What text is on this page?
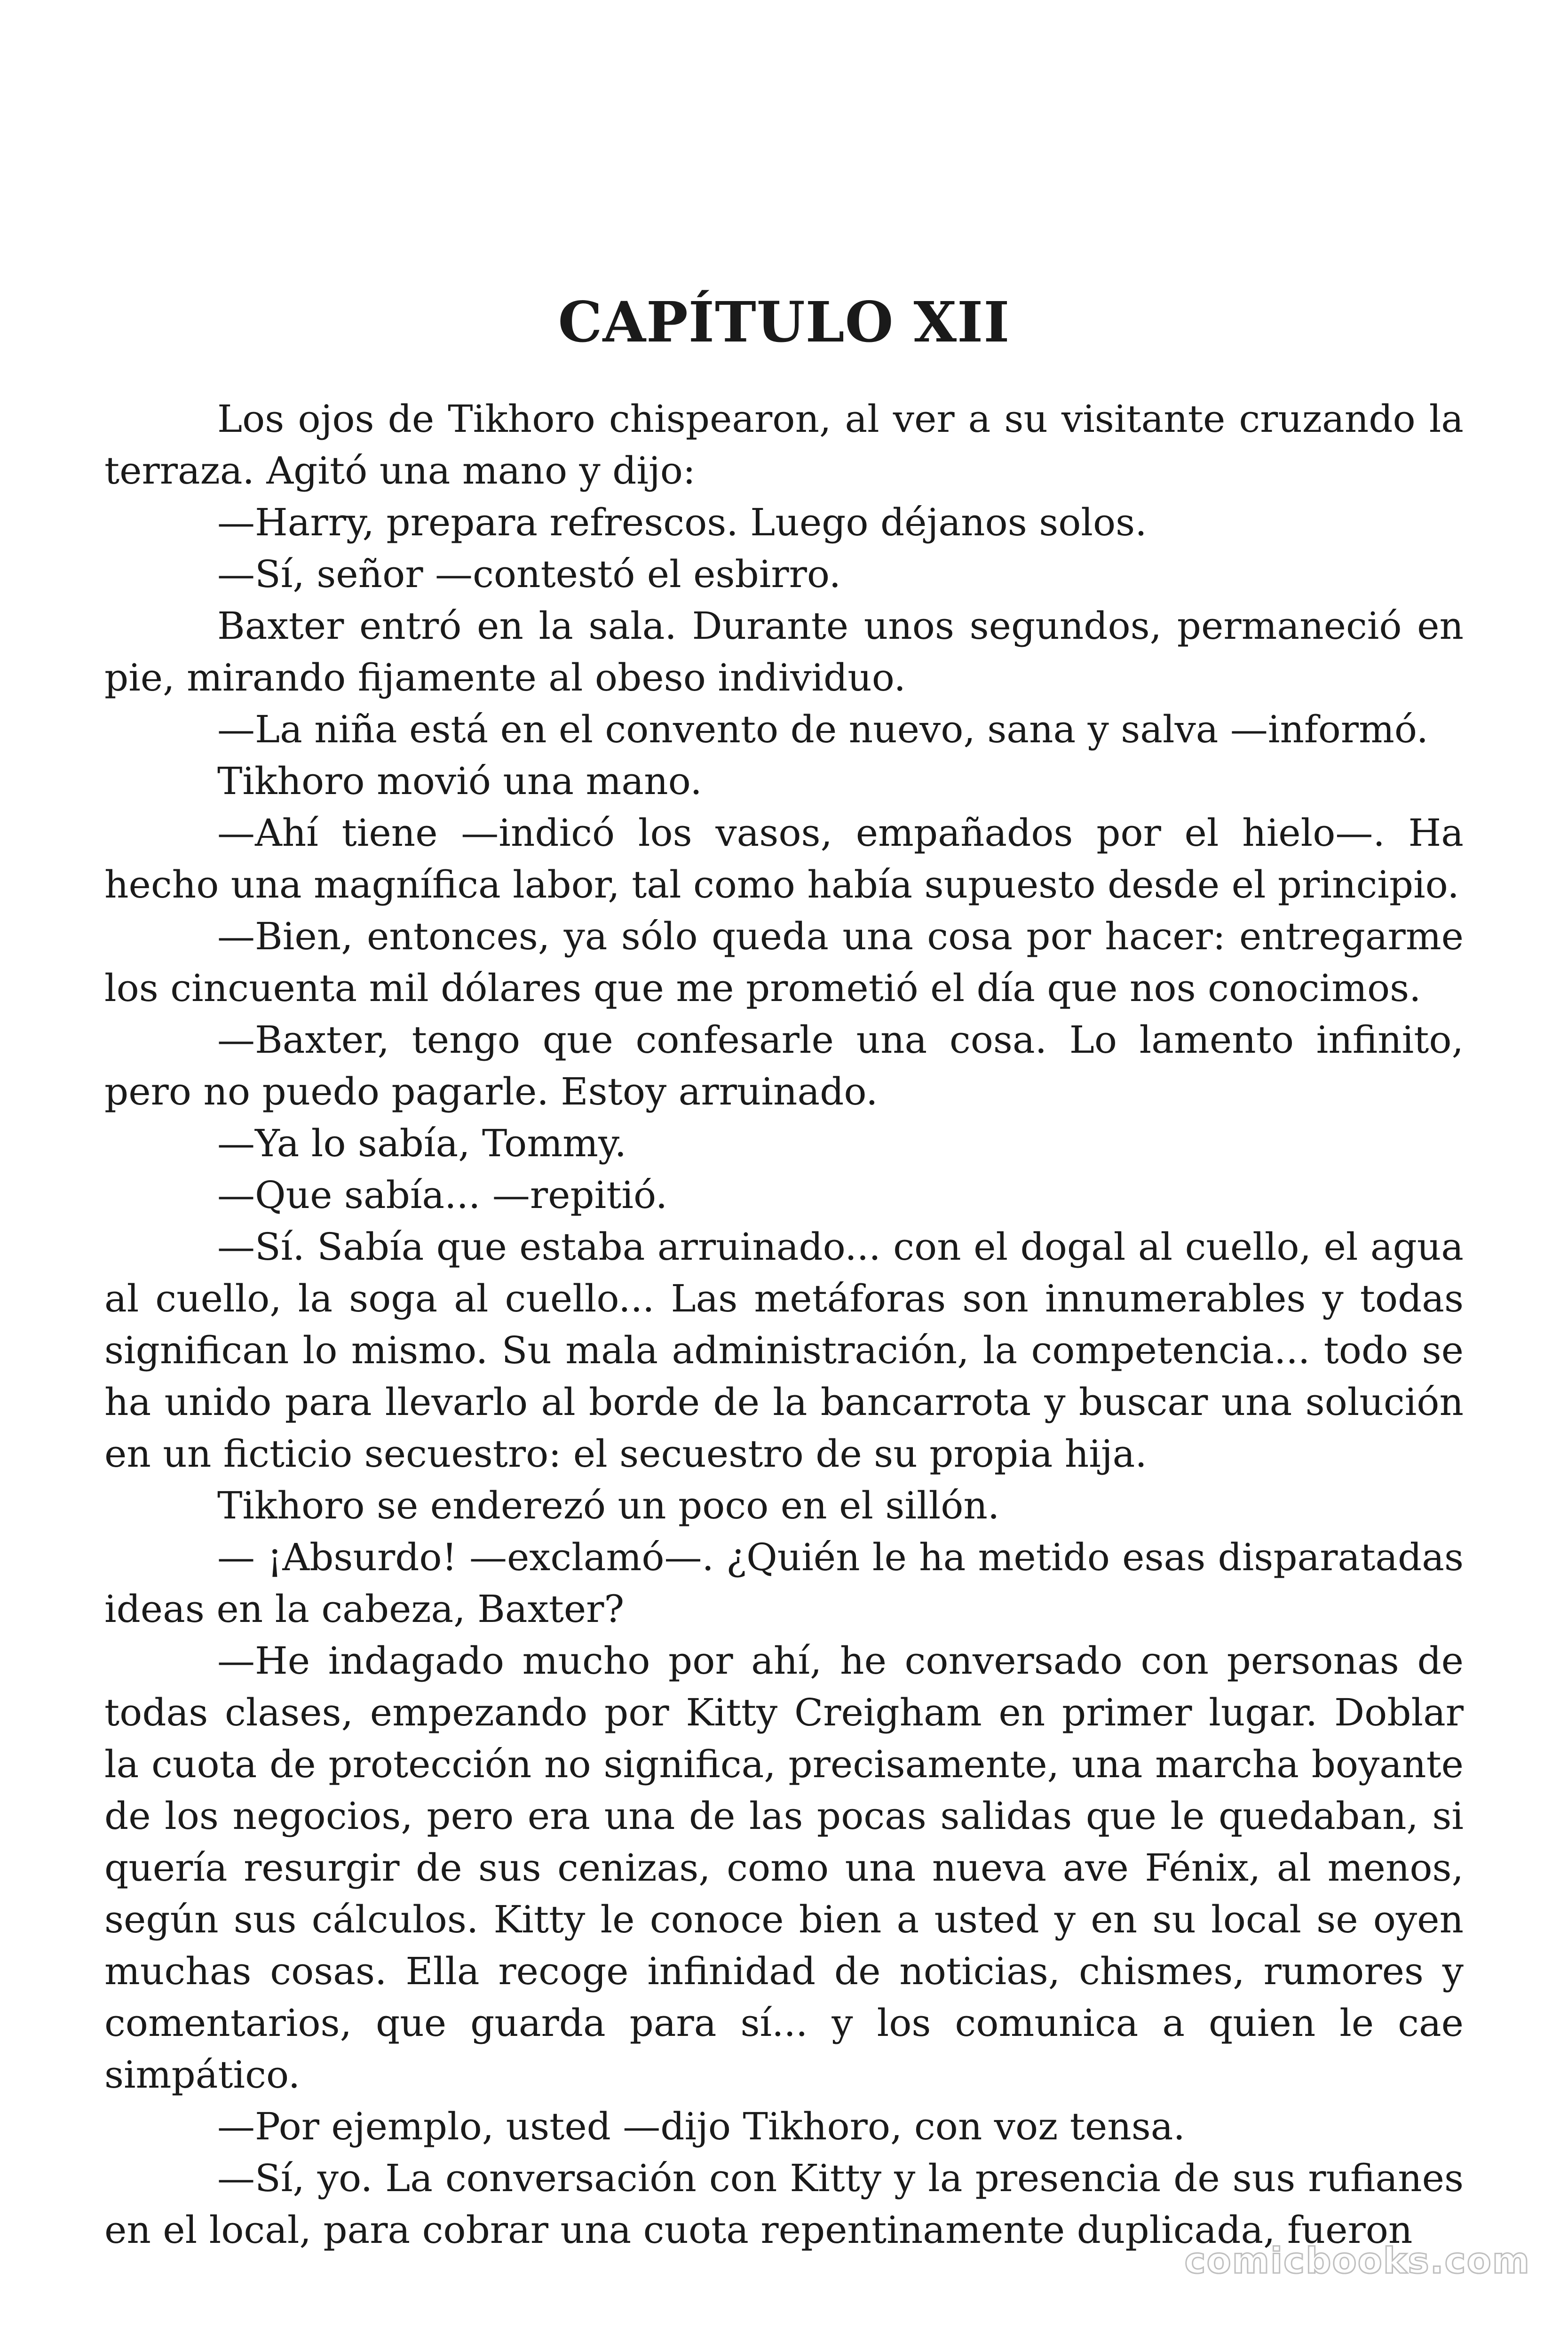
CAPÍTULO XII

Los ojos de Tikhoro chispearon, al ver a su visitante cruzando la terraza. Agitó una mano y dijo:

—Harry, prepara refrescos. Luego déjanos solos.

—Sí, señor —contestó el esbirro.

Baxter entró en la sala. Durante unos segundos, permaneció en pie, mirando fijamente al obeso individuo.

—La niña está en el convento de nuevo, sana y salva —informó.

Tikhoro movió una mano.

—Ahí tiene —indicó los vasos, empañados por el hielo—. Ha hecho una magnífica labor, tal como había supuesto desde el principio.

—Bien, entonces, ya sólo queda una cosa por hacer: entregarme los cincuenta mil dólares que me prometió el día que nos conocimos.

—Baxter, tengo que confesarle una cosa. Lo lamento infinito, pero no puedo pagarle. Estoy arruinado.

—Ya lo sabía, Tommy.

—Que sabía... —repitió.

—Sí. Sabía que estaba arruinado... con el dogal al cuello, el agua al cuello, la soga al cuello... Las metáforas son innumerables y todas significan lo mismo. Su mala administración, la competencia... todo se ha unido para llevarlo al borde de la bancarrota y buscar una solución en un ficticio secuestro: el secuestro de su propia hija.

Tikhoro se enderezó un poco en el sillón.

— ¡Absurdo! —exclamó—. ¿Quién le ha metido esas disparatadas ideas en la cabeza, Baxter?

—He indagado mucho por ahí, he conversado con personas de todas clases, empezando por Kitty Creigham en primer lugar. Doblar la cuota de protección no significa, precisamente, una marcha boyante de los negocios, pero era una de las pocas salidas que le quedaban, si quería resurgir de sus cenizas, como una nueva ave Fénix, al menos, según sus cálculos. Kitty le conoce bien a usted y en su local se oyen muchas cosas. Ella recoge infinidad de noticias, chismes, rumores y comentarios, que guarda para sí... y los comunica a quien le cae simpático.

—Por ejemplo, usted —dijo Tikhoro, con voz tensa.

—Sí, yo. La conversación con Kitty y la presencia de sus rufianes en el local, para cobrar una cuota repentinamente duplicada, fueron

comicbooks.com
